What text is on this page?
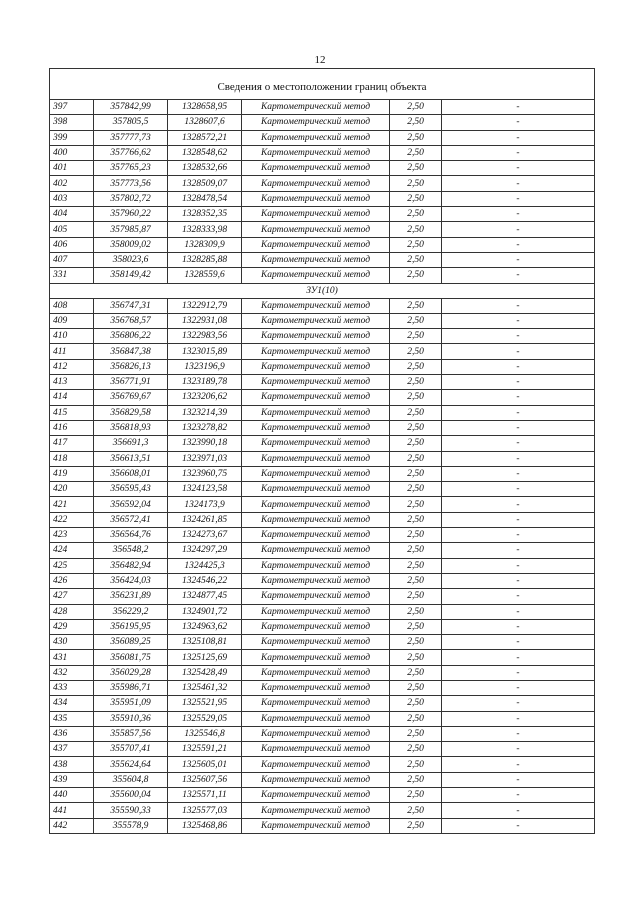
12
Сведения о местоположении границ объекта					
397	357842,99	1328658,95	Картометрический метод	2,50	-
398	357805,5	1328607,6	Картометрический метод	2,50	-
399	357777,73	1328572,21	Картометрический метод	2,50	-
400	357766,62	1328548,62	Картометрический метод	2,50	-
401	357765,23	1328532,66	Картометрический метод	2,50	-
402	357773,56	1328509,07	Картометрический метод	2,50	-
403	357802,72	1328478,54	Картометрический метод	2,50	-
404	357960,22	1328352,35	Картометрический метод	2,50	-
405	357985,87	1328333,98	Картометрический метод	2,50	-
406	358009,02	1328309,9	Картометрический метод	2,50	-
407	358023,6	1328285,88	Картометрический метод	2,50	-
331	358149,42	1328559,6	Картометрический метод	2,50	-
ЗУ1(10)					
408	356747,31	1322912,79	Картометрический метод	2,50	-
409	356768,57	1322931,08	Картометрический метод	2,50	-
410	356806,22	1322983,56	Картометрический метод	2,50	-
411	356847,38	1323015,89	Картометрический метод	2,50	-
412	356826,13	1323196,9	Картометрический метод	2,50	-
413	356771,91	1323189,78	Картометрический метод	2,50	-
414	356769,67	1323206,62	Картометрический метод	2,50	-
415	356829,58	1323214,39	Картометрический метод	2,50	-
416	356818,93	1323278,82	Картометрический метод	2,50	-
417	356691,3	1323990,18	Картометрический метод	2,50	-
418	356613,51	1323971,03	Картометрический метод	2,50	-
419	356608,01	1323960,75	Картометрический метод	2,50	-
420	356595,43	1324123,58	Картометрический метод	2,50	-
421	356592,04	1324173,9	Картометрический метод	2,50	-
422	356572,41	1324261,85	Картометрический метод	2,50	-
423	356564,76	1324273,67	Картометрический метод	2,50	-
424	356548,2	1324297,29	Картометрический метод	2,50	-
425	356482,94	1324425,3	Картометрический метод	2,50	-
426	356424,03	1324546,22	Картометрический метод	2,50	-
427	356231,89	1324877,45	Картометрический метод	2,50	-
428	356229,2	1324901,72	Картометрический метод	2,50	-
429	356195,95	1324963,62	Картометрический метод	2,50	-
430	356089,25	1325108,81	Картометрический метод	2,50	-
431	356081,75	1325125,69	Картометрический метод	2,50	-
432	356029,28	1325428,49	Картометрический метод	2,50	-
433	355986,71	1325461,32	Картометрический метод	2,50	-
434	355951,09	1325521,95	Картометрический метод	2,50	-
435	355910,36	1325529,05	Картометрический метод	2,50	-
436	355857,56	1325546,8	Картометрический метод	2,50	-
437	355707,41	1325591,21	Картометрический метод	2,50	-
438	355624,64	1325605,01	Картометрический метод	2,50	-
439	355604,8	1325607,56	Картометрический метод	2,50	-
440	355600,04	1325571,11	Картометрический метод	2,50	-
441	355590,33	1325577,03	Картометрический метод	2,50	-
442	355578,9	1325468,86	Картометрический метод	2,50	-
